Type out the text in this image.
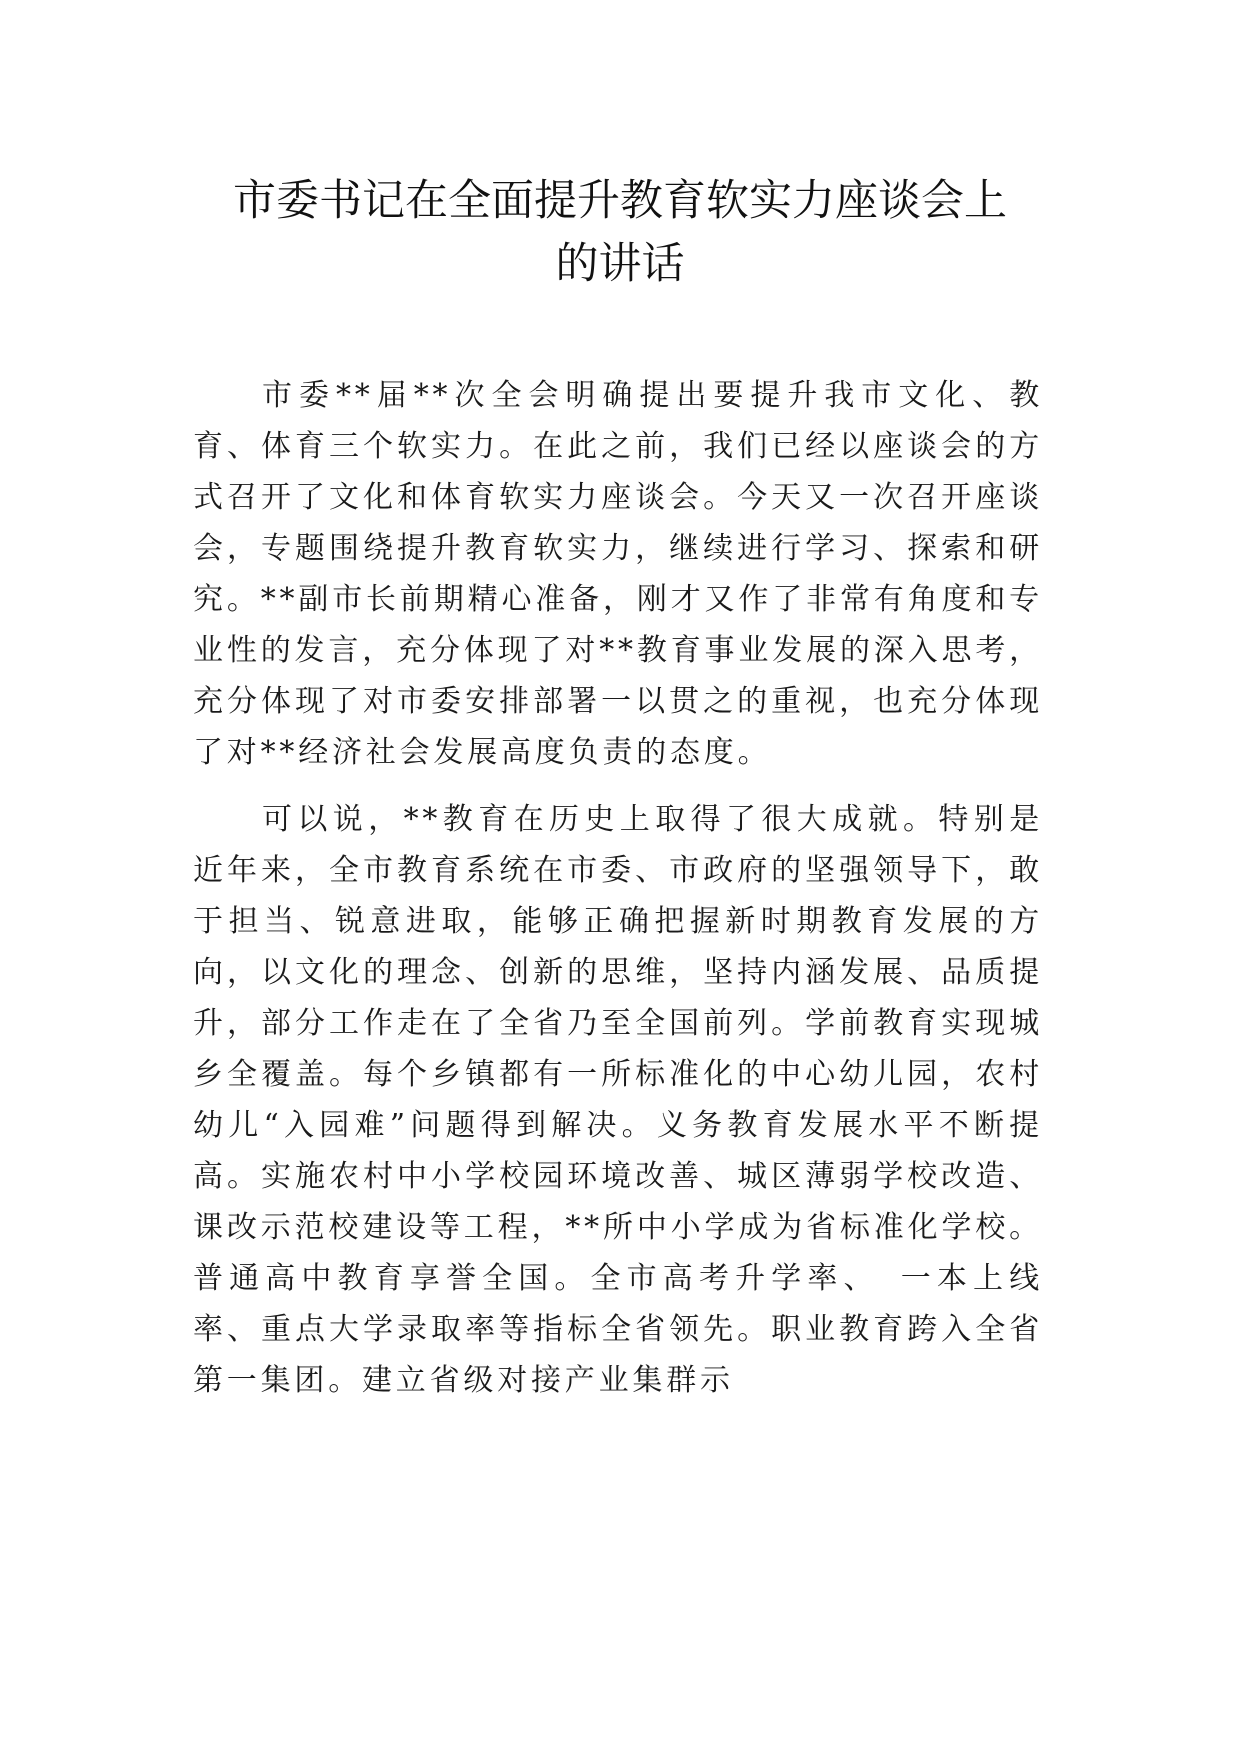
市委书记在全面提升教育软实力座谈会上
的讲话

市委**届**次全会明确提出要提升我市文化、教育、体育三个软实力。在此之前，我们已经以座谈会的方式召开了文化和体育软实力座谈会。今天又一次召开座谈会，专题围绕提升教育软实力，继续进行学习、探索和研究。**副市长前期精心准备，刚才又作了非常有角度和专业性的发言，充分体现了对**教育事业发展的深入思考，充分体现了对市委安排部署一以贯之的重视，也充分体现了对**经济社会发展高度负责的态度。

可以说，**教育在历史上取得了很大成就。特别是近年来，全市教育系统在市委、市政府的坚强领导下，敢于担当、锐意进取，能够正确把握新时期教育发展的方向，以文化的理念、创新的思维，坚持内涵发展、品质提升，部分工作走在了全省乃至全国前列。学前教育实现城乡全覆盖。每个乡镇都有一所标准化的中心幼儿园，农村幼儿“入园难”问题得到解决。义务教育发展水平不断提高。实施农村中小学校园环境改善、城区薄弱学校改造、课改示范校建设等工程，**所中小学成为省标准化学校。普通高中教育享誉全国。全市高考升学率、　一本上线率、重点大学录取率等指标全省领先。职业教育跨入全省第一集团。建立省级对接产业集群示
